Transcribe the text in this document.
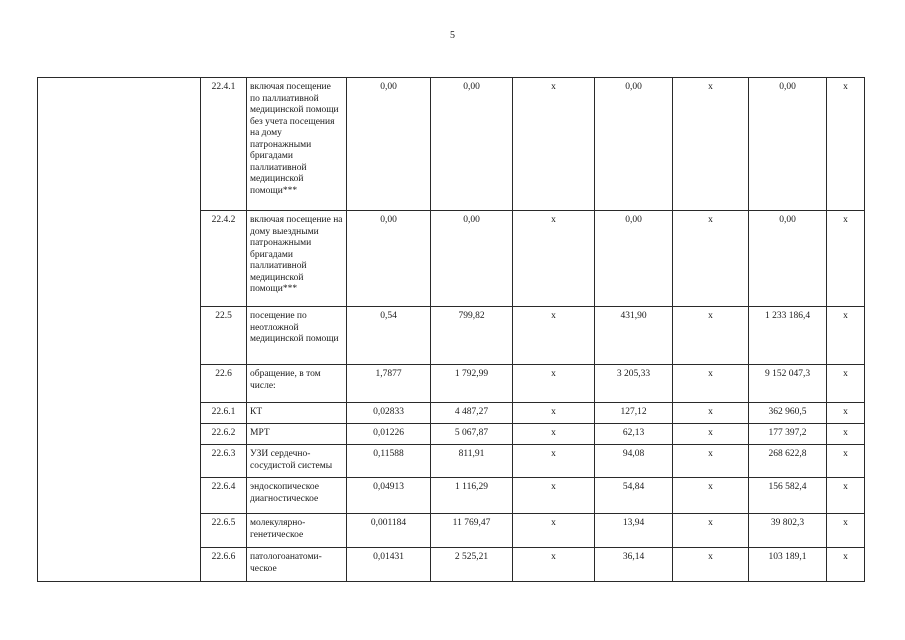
5
	22.4.1	включая посещение по паллиативной медицинской помощи без учета посещения на дому патронажными бригадами паллиативной медицинской помощи***	0,00	0,00	x	0,00	x	0,00	x
	22.4.2	включая посещение на дому выездными патронажными бригадами паллиативной медицинской помощи***	0,00	0,00	x	0,00	x	0,00	x
	22.5	посещение по неотложной медицинской помощи	0,54	799,82	x	431,90	x	1 233 186,4	x
	22.6	обращение, в том числе:	1,7877	1 792,99	x	3 205,33	x	9 152 047,3	x
	22.6.1	КТ	0,02833	4 487,27	x	127,12	x	362 960,5	x
	22.6.2	МРТ	0,01226	5 067,87	x	62,13	x	177 397,2	x
	22.6.3	УЗИ сердечно-сосудистой системы	0,11588	811,91	x	94,08	x	268 622,8	x
	22.6.4	эндоскопическое диагностическое	0,04913	1 116,29	x	54,84	x	156 582,4	x
	22.6.5	молекулярно-генетическое	0,001184	11 769,47	x	13,94	x	39 802,3	x
	22.6.6	патологоанатоми-ческое	0,01431	2 525,21	x	36,14	x	103 189,1	x
